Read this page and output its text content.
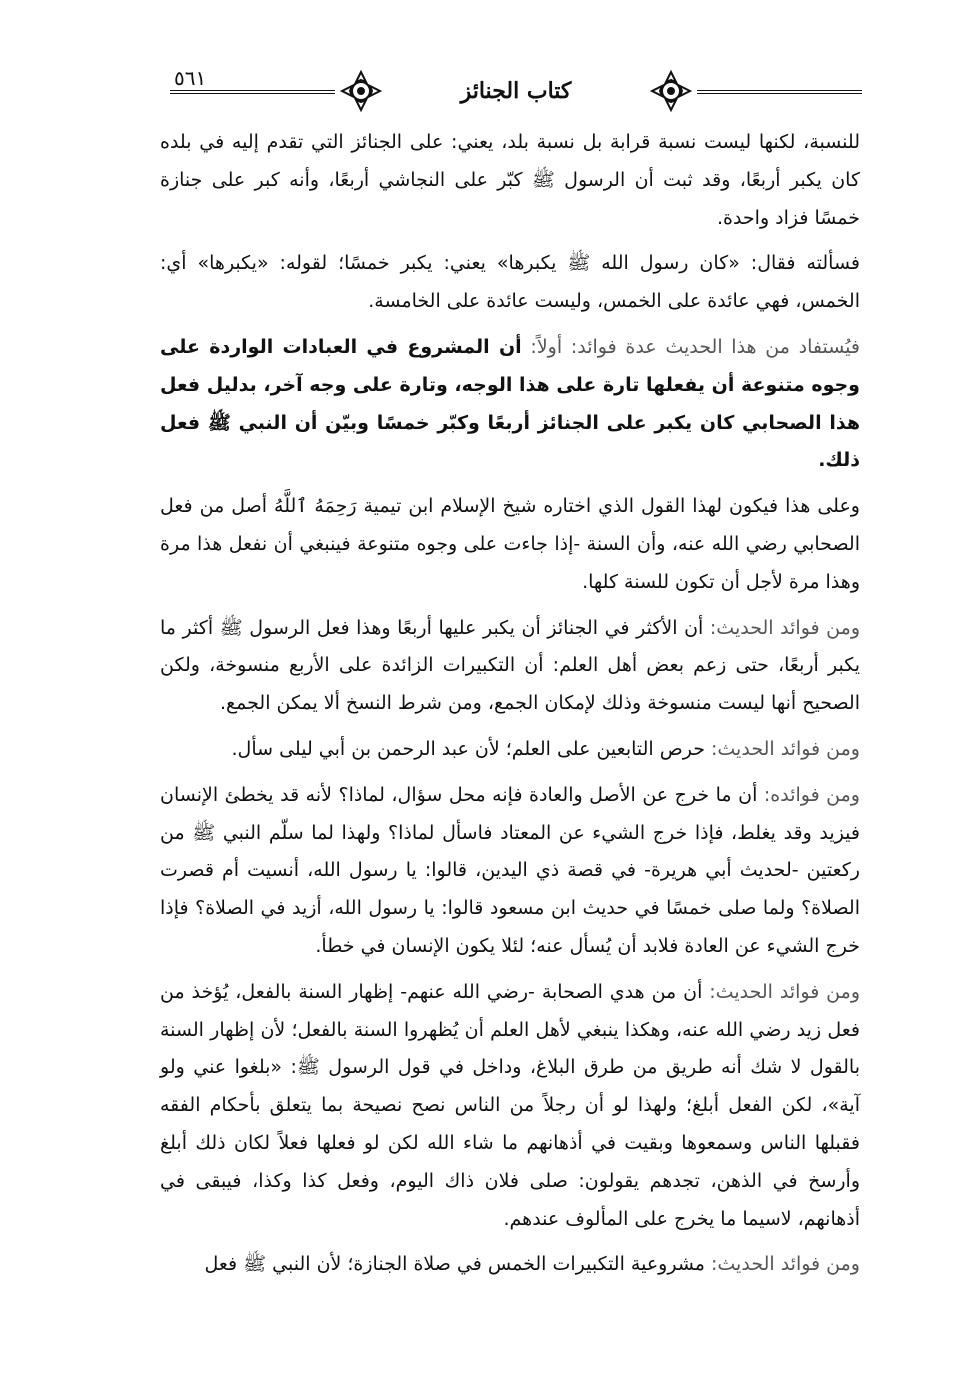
٥٦١	كتاب الجنائز

للنسبة، لكنها ليست نسبة قرابة بل نسبة بلد، يعني: على الجنائز التي تقدم إليه في بلده كان يكبر أربعًا، وقد ثبت أن الرسول ﷺ كبّر على النجاشي أربعًا، وأنه كبر على جنازة خمسًا فزاد واحدة.

فسألته فقال: «كان رسول الله ﷺ يكبرها» يعني: يكبر خمسًا؛ لقوله: «يكبرها» أي: الخمس، فهي عائدة على الخمس، وليست عائدة على الخامسة.

فيُستفاد من هذا الحديث عدة فوائد: أولاً: أن المشروع في العبادات الواردة على وجوه متنوعة أن يفعلها تارة على هذا الوجه، وتارة على وجه آخر، بدليل فعل هذا الصحابي كان يكبر على الجنائز أربعًا وكبّر خمسًا وبيّن أن النبي ﷺ فعل ذلك.

وعلى هذا فيكون لهذا القول الذي اختاره شيخ الإسلام ابن تيمية رَحِمَهُ ٱللَّهُ أصل من فعل الصحابي رضي الله عنه، وأن السنة -إذا جاءت على وجوه متنوعة فينبغي أن نفعل هذا مرة وهذا مرة لأجل أن تكون للسنة كلها.

ومن فوائد الحديث: أن الأكثر في الجنائز أن يكبر عليها أربعًا وهذا فعل الرسول ﷺ أكثر ما يكبر أربعًا، حتى زعم بعض أهل العلم: أن التكبيرات الزائدة على الأربع منسوخة، ولكن الصحيح أنها ليست منسوخة وذلك لإمكان الجمع، ومن شرط النسخ ألا يمكن الجمع.

ومن فوائد الحديث: حرص التابعين على العلم؛ لأن عبد الرحمن بن أبي ليلى سأل.

ومن فوائده: أن ما خرج عن الأصل والعادة فإنه محل سؤال، لماذا؟ لأنه قد يخطئ الإنسان فيزيد وقد يغلط، فإذا خرج الشيء عن المعتاد فاسأل لماذا؟ ولهذا لما سلّم النبي ﷺ من ركعتين -لحديث أبي هريرة- في قصة ذي اليدين، قالوا: يا رسول الله، أنسيت أم قصرت الصلاة؟ ولما صلى خمسًا في حديث ابن مسعود قالوا: يا رسول الله، أزيد في الصلاة؟ فإذا خرج الشيء عن العادة فلابد أن يُسأل عنه؛ لئلا يكون الإنسان في خطأ.

ومن فوائد الحديث: أن من هدي الصحابة -رضي الله عنهم- إظهار السنة بالفعل، يُؤخذ من فعل زيد رضي الله عنه، وهكذا ينبغي لأهل العلم أن يُظهروا السنة بالفعل؛ لأن إظهار السنة بالقول لا شك أنه طريق من طرق البلاغ، وداخل في قول الرسول ﷺ: «بلغوا عني ولو آية»، لكن الفعل أبلغ؛ ولهذا لو أن رجلاً من الناس نصح نصيحة بما يتعلق بأحكام الفقه فقبلها الناس وسمعوها وبقيت في أذهانهم ما شاء الله لكن لو فعلها فعلاً لكان ذلك أبلغ وأرسخ في الذهن، تجدهم يقولون: صلى فلان ذاك اليوم، وفعل كذا وكذا، فيبقى في أذهانهم، لاسيما ما يخرج على المألوف عندهم.

ومن فوائد الحديث: مشروعية التكبيرات الخمس في صلاة الجنازة؛ لأن النبي ﷺ فعل
